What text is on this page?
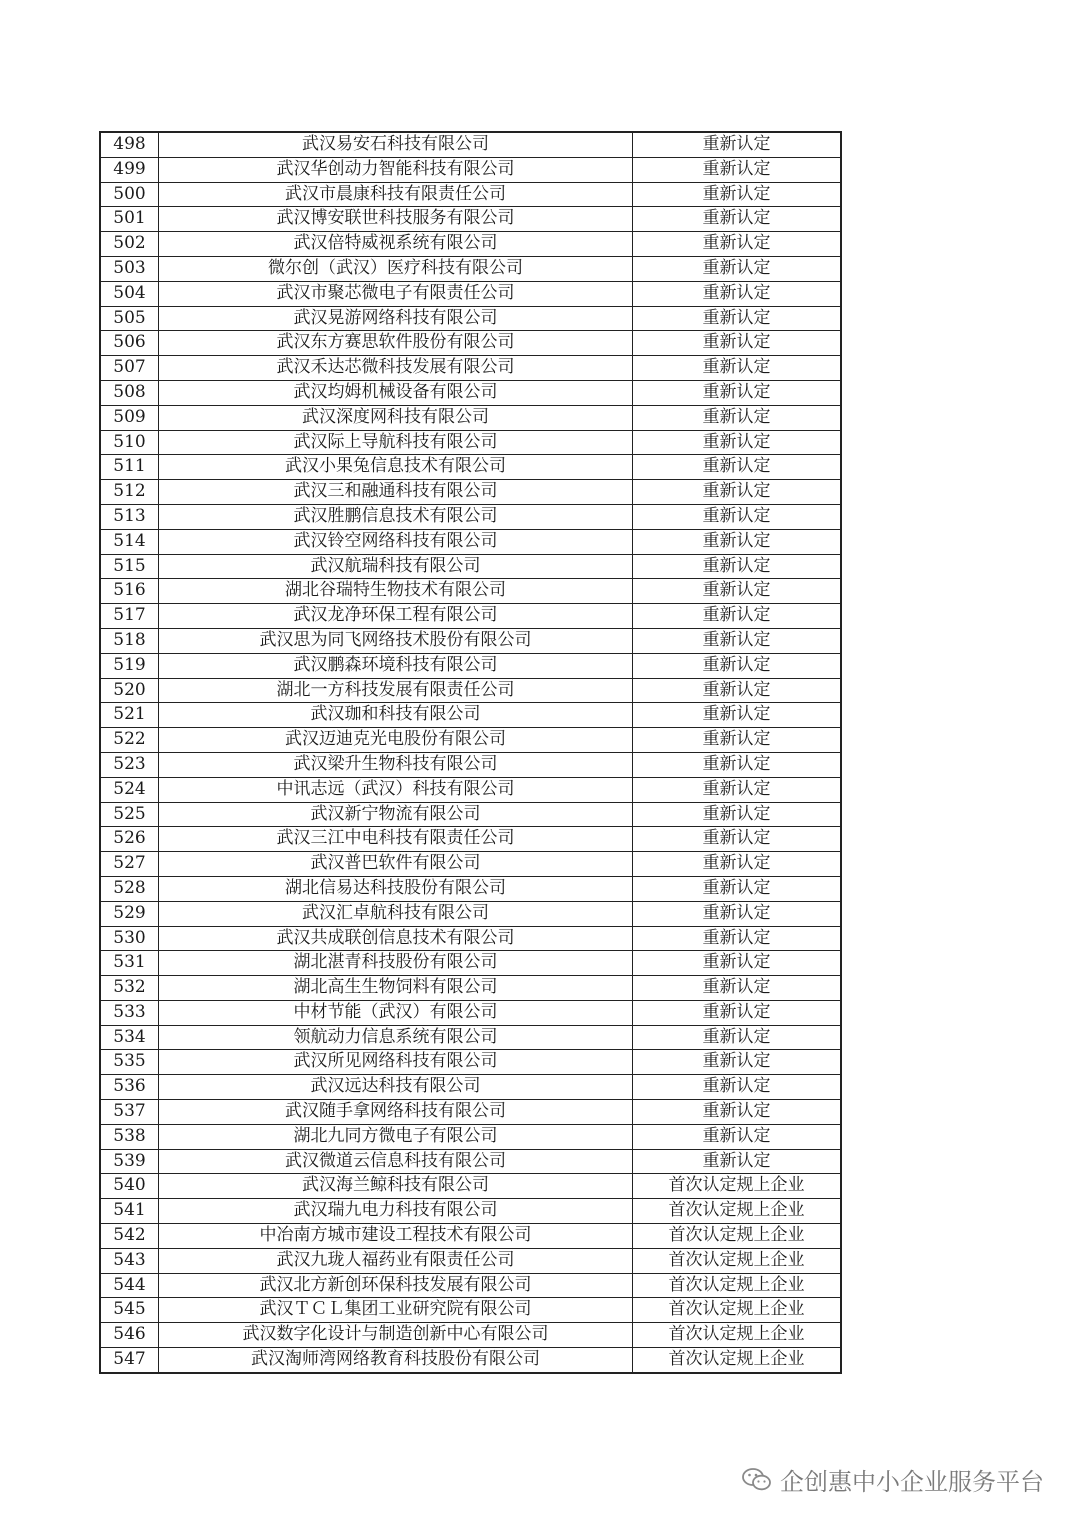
498	武汉易安石科技有限公司	重新认定
499	武汉华创动力智能科技有限公司	重新认定
500	武汉市晨康科技有限责任公司	重新认定
501	武汉博安联世科技服务有限公司	重新认定
502	武汉倍特威视系统有限公司	重新认定
503	微尔创（武汉）医疗科技有限公司	重新认定
504	武汉市聚芯微电子有限责任公司	重新认定
505	武汉晃游网络科技有限公司	重新认定
506	武汉东方赛思软件股份有限公司	重新认定
507	武汉禾达芯微科技发展有限公司	重新认定
508	武汉均姆机械设备有限公司	重新认定
509	武汉深度网科技有限公司	重新认定
510	武汉际上导航科技有限公司	重新认定
511	武汉小果兔信息技术有限公司	重新认定
512	武汉三和融通科技有限公司	重新认定
513	武汉胜鹏信息技术有限公司	重新认定
514	武汉铃空网络科技有限公司	重新认定
515	武汉航瑞科技有限公司	重新认定
516	湖北谷瑞特生物技术有限公司	重新认定
517	武汉龙净环保工程有限公司	重新认定
518	武汉思为同飞网络技术股份有限公司	重新认定
519	武汉鹏森环境科技有限公司	重新认定
520	湖北一方科技发展有限责任公司	重新认定
521	武汉珈和科技有限公司	重新认定
522	武汉迈迪克光电股份有限公司	重新认定
523	武汉梁升生物科技有限公司	重新认定
524	中讯志远（武汉）科技有限公司	重新认定
525	武汉新宁物流有限公司	重新认定
526	武汉三江中电科技有限责任公司	重新认定
527	武汉普巴软件有限公司	重新认定
528	湖北信易达科技股份有限公司	重新认定
529	武汉汇卓航科技有限公司	重新认定
530	武汉共成联创信息技术有限公司	重新认定
531	湖北湛青科技股份有限公司	重新认定
532	湖北高生生物饲料有限公司	重新认定
533	中材节能（武汉）有限公司	重新认定
534	领航动力信息系统有限公司	重新认定
535	武汉所见网络科技有限公司	重新认定
536	武汉远达科技有限公司	重新认定
537	武汉随手拿网络科技有限公司	重新认定
538	湖北九同方微电子有限公司	重新认定
539	武汉微道云信息科技有限公司	重新认定
540	武汉海兰鲸科技有限公司	首次认定规上企业
541	武汉瑞九电力科技有限公司	首次认定规上企业
542	中冶南方城市建设工程技术有限公司	首次认定规上企业
543	武汉九珑人福药业有限责任公司	首次认定规上企业
544	武汉北方新创环保科技发展有限公司	首次认定规上企业
545	武汉ＴＣＬ集团工业研究院有限公司	首次认定规上企业
546	武汉数字化设计与制造创新中心有限公司	首次认定规上企业
547	武汉淘师湾网络教育科技股份有限公司	首次认定规上企业
企创惠中小企业服务平台
